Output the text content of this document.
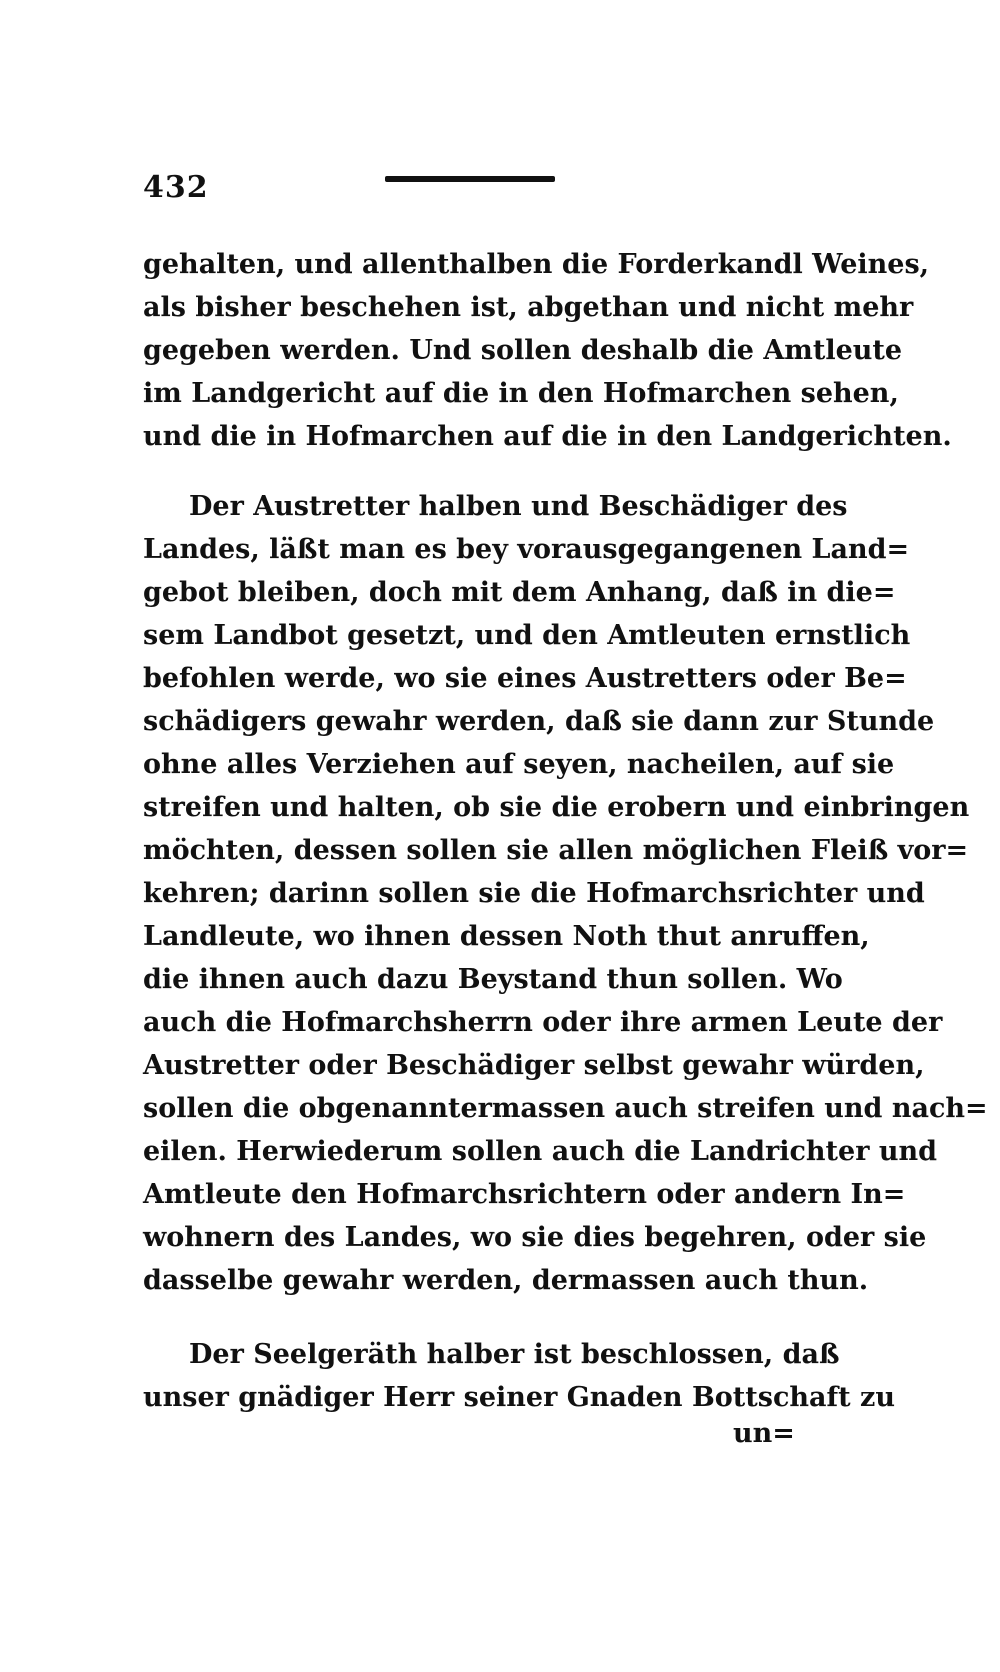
432
gehalten, und allenthalben die Forderkandl Weines,
als bisher beschehen ist, abgethan und nicht mehr
gegeben werden. Und sollen deshalb die Amtleute
im Landgericht auf die in den Hofmarchen sehen,
und die in Hofmarchen auf die in den Landgerichten.
Der Austretter halben und Beschädiger des
Landes, läßt man es bey vorausgegangenen Land=
gebot bleiben, doch mit dem Anhang, daß in die=
sem Landbot gesetzt, und den Amtleuten ernstlich
befohlen werde, wo sie eines Austretters oder Be=
schädigers gewahr werden, daß sie dann zur Stunde
ohne alles Verziehen auf seyen, nacheilen, auf sie
streifen und halten, ob sie die erobern und einbringen
möchten, dessen sollen sie allen möglichen Fleiß vor=
kehren; darinn sollen sie die Hofmarchsrichter und
Landleute, wo ihnen dessen Noth thut anruffen,
die ihnen auch dazu Beystand thun sollen. Wo
auch die Hofmarchsherrn oder ihre armen Leute der
Austretter oder Beschädiger selbst gewahr würden,
sollen die obgenanntermassen auch streifen und nach=
eilen. Herwiederum sollen auch die Landrichter und
Amtleute den Hofmarchsrichtern oder andern In=
wohnern des Landes, wo sie dies begehren, oder sie
dasselbe gewahr werden, dermassen auch thun.
Der Seelgeräth halber ist beschlossen, daß
unser gnädiger Herr seiner Gnaden Bottschaft zu
un=
